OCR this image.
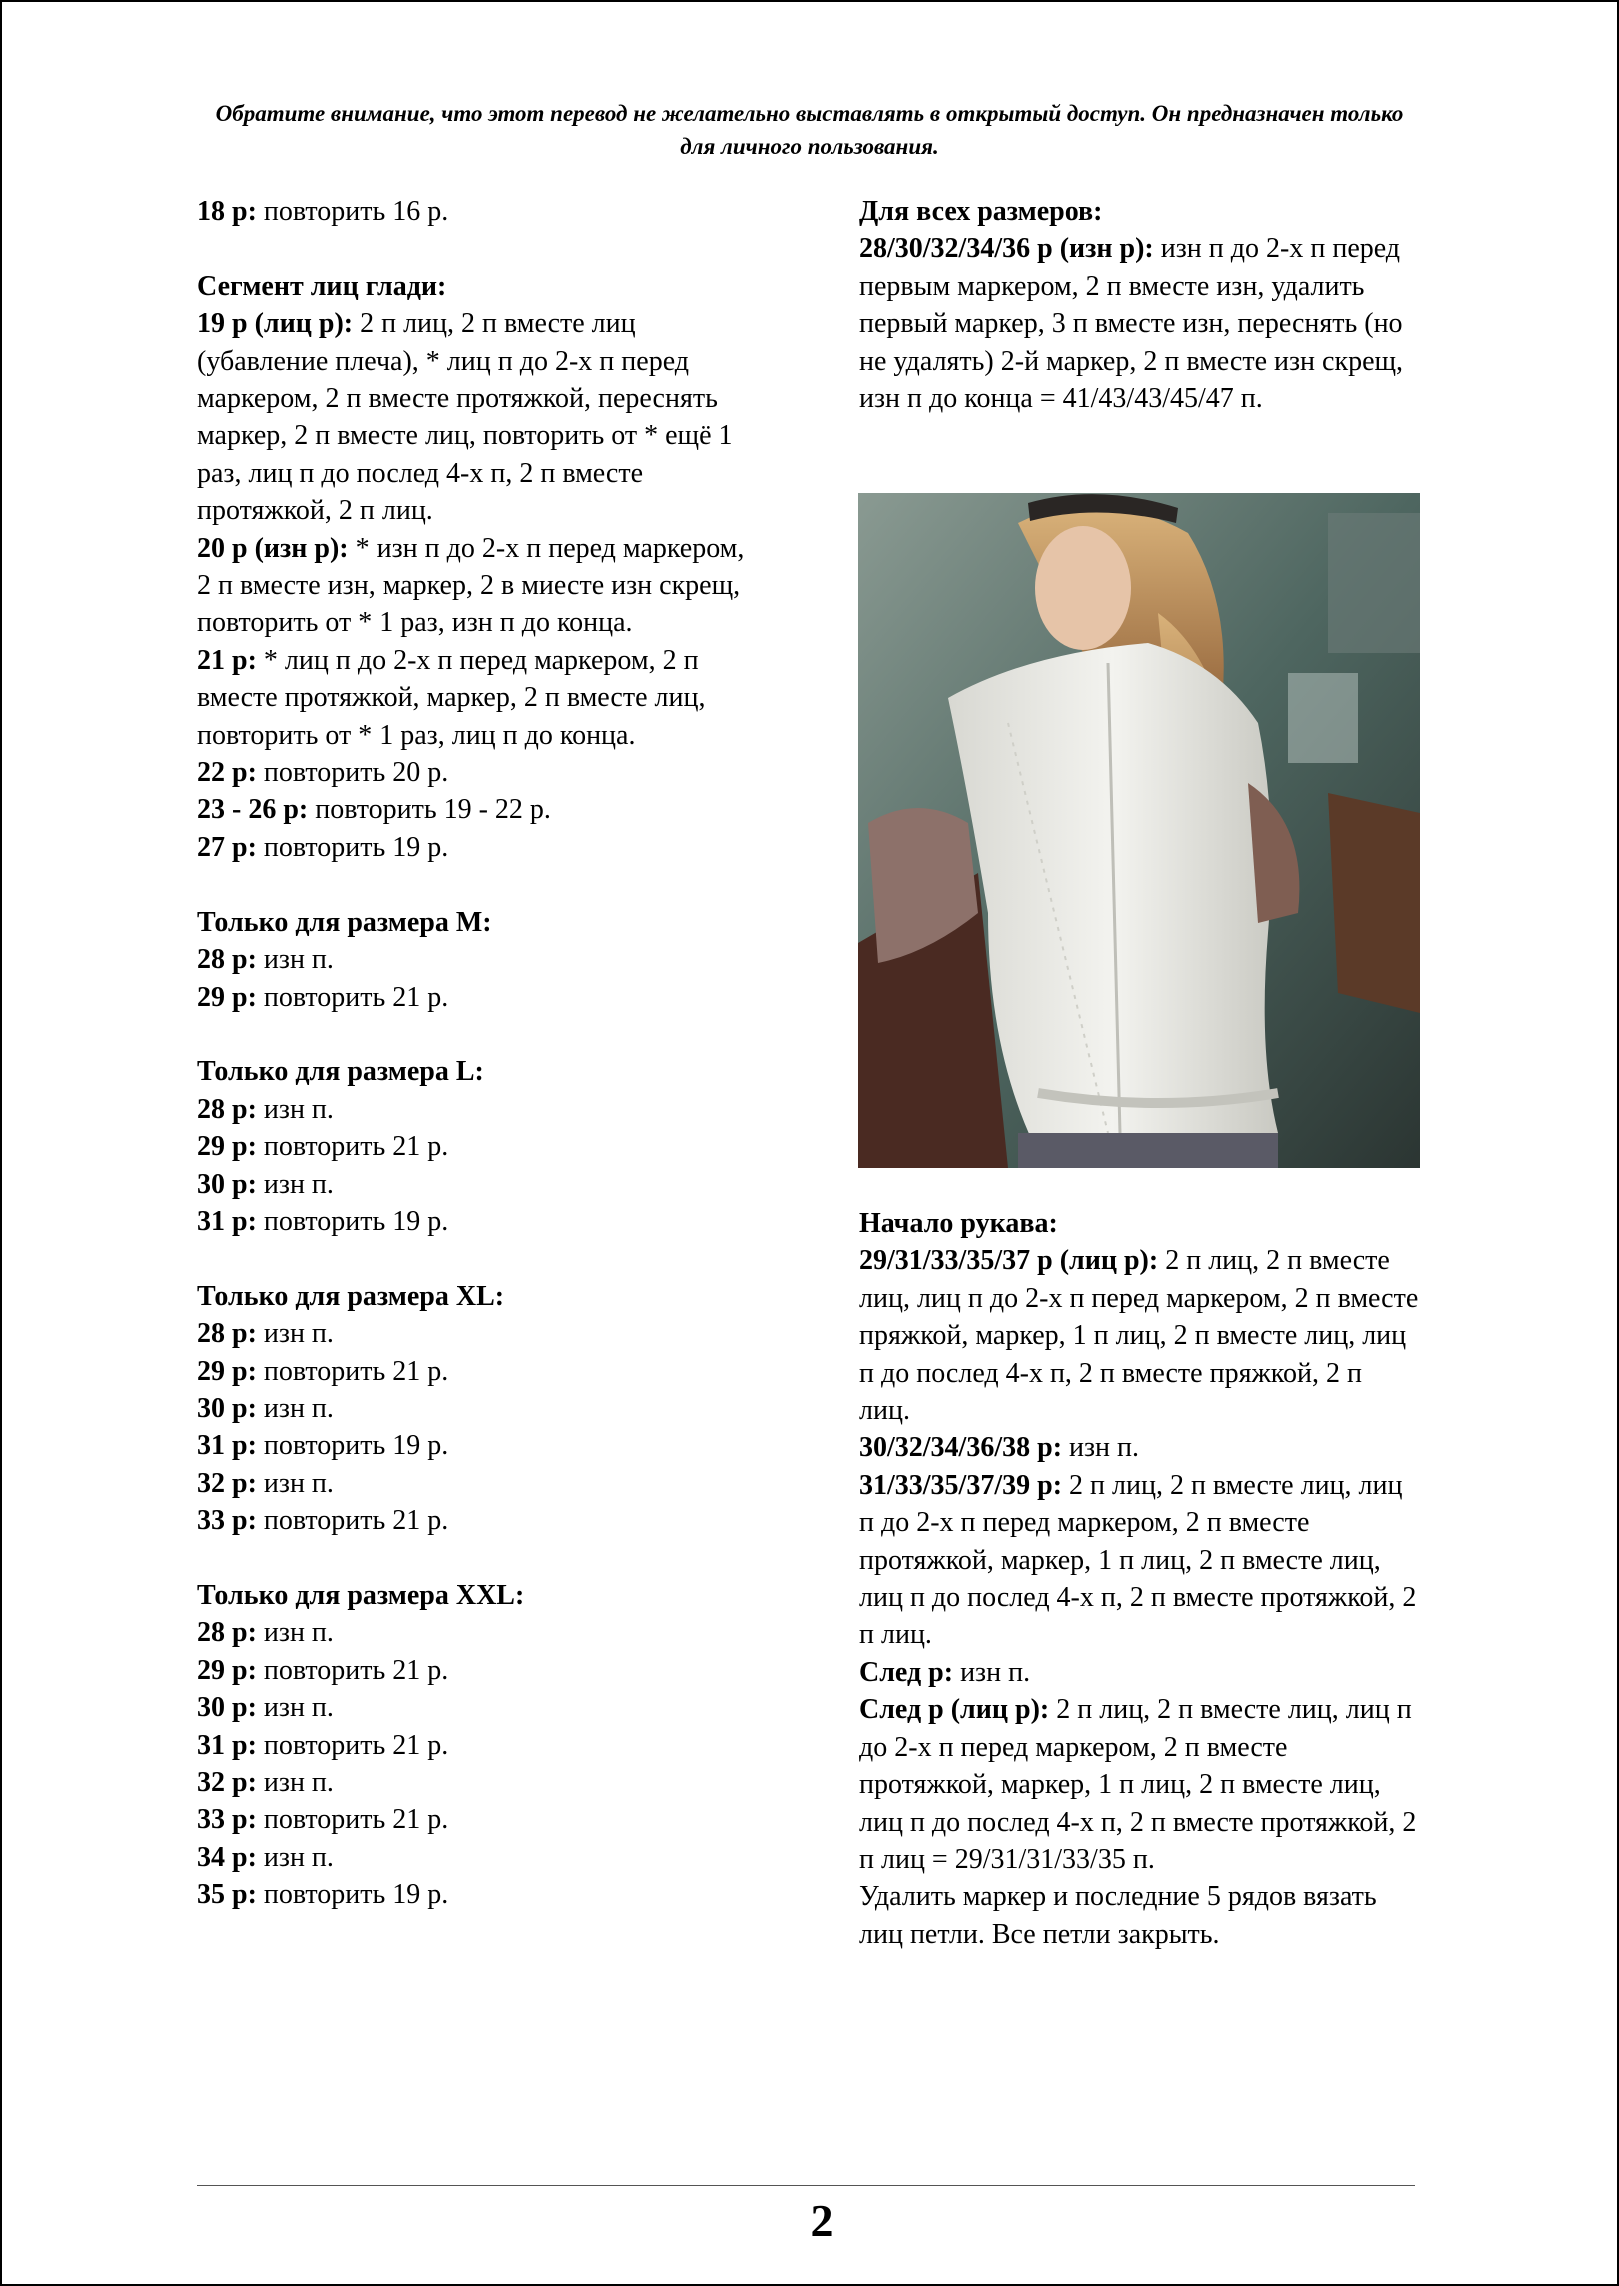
Обратите внимание, что этот перевод не желательно выставлять в открытый доступ. Он предназначен только для личного пользования.

18 р: повторить 16 р.

Сегмент лиц глади:

19 р (лиц р): 2 п лиц, 2 п вместе лиц (убавление плеча), * лиц п до 2-х п перед маркером, 2 п вместе протяжкой, переснять маркер, 2 п вместе лиц, повторить от * ещё 1 раз, лиц п до послед 4-х п, 2 п вместе протяжкой, 2 п лиц.

20 р (изн р): * изн п до 2-х п перед маркером, 2 п вместе изн, маркер, 2 в миесте изн скрещ, повторить от * 1 раз, изн п до конца.

21 р: * лиц п до 2-х п перед маркером, 2 п вместе протяжкой, маркер, 2 п вместе лиц, повторить от * 1 раз, лиц п до конца.

22 р: повторить 20 р.

23 - 26 р: повторить 19 - 22 р.

27 р: повторить 19 р.

Только для размера M:

28 р: изн п.

29 р: повторить 21 р.

Только для размера L:

28 р: изн п.

29 р: повторить 21 р.

30 р: изн п.

31 р: повторить 19 р.

Только для размера XL:

28 р: изн п.

29 р: повторить 21 р.

30 р: изн п.

31 р: повторить 19 р.

32 р: изн п.

33 р: повторить 21 р.

Только для размера XXL:

28 р: изн п.

29 р: повторить 21 р.

30 р: изн п.

31 р: повторить 21 р.

32 р: изн п.

33 р: повторить 21 р.

34 р: изн п.

35 р: повторить 19 р.

Для всех размеров:

28/30/32/34/36 р (изн р): изн п до 2-х п перед первым маркером, 2 п вместе изн, удалить первый маркер, 3 п вместе изн, переснять (но не удалять) 2-й маркер, 2 п вместе изн скрещ, изн п до конца = 41/43/43/45/47 п.

Начало рукава:

29/31/33/35/37 р (лиц р): 2 п лиц, 2 п вместе лиц, лиц п до 2-х п перед маркером, 2 п вместе пряжкой, маркер, 1 п лиц, 2 п вместе лиц, лиц п до послед 4-х п, 2 п вместе пряжкой, 2 п лиц.

30/32/34/36/38 р: изн п.

31/33/35/37/39 р: 2 п лиц, 2 п вместе лиц, лиц п до 2-х п перед маркером, 2 п вместе протяжкой, маркер, 1 п лиц, 2 п вместе лиц, лиц п до послед 4-х п, 2 п вместе протяжкой, 2 п лиц.

След р: изн п.

След р (лиц р): 2 п лиц, 2 п вместе лиц, лиц п до 2-х п перед маркером, 2 п вместе протяжкой, маркер, 1 п лиц, 2 п вместе лиц, лиц п до послед 4-х п, 2 п вместе протяжкой, 2 п лиц = 29/31/31/33/35 п.

Удалить маркер и последние 5 рядов вязать лиц петли. Все петли закрыть.

2
